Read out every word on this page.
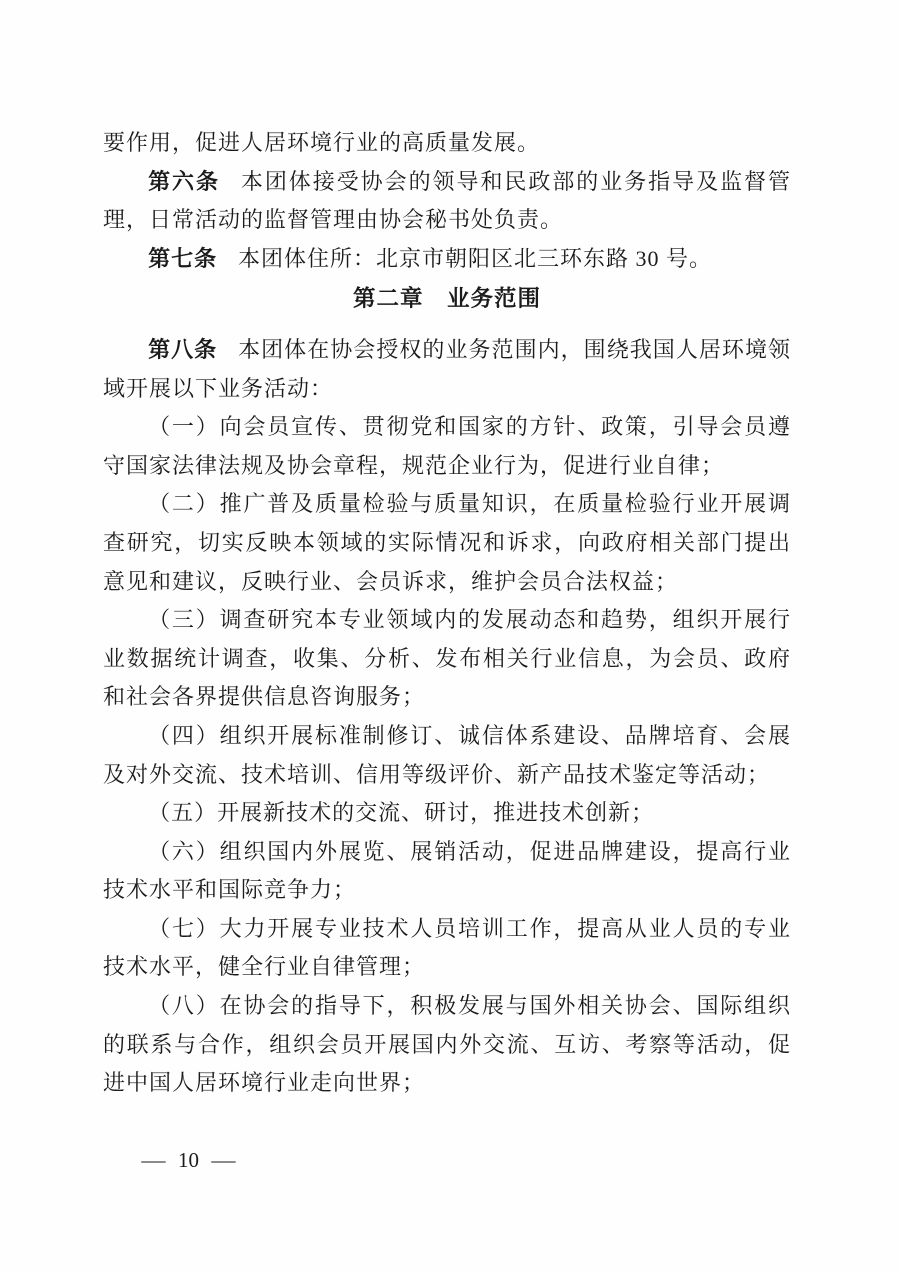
要作用，促进人居环境行业的高质量发展。

第六条 本团体接受协会的领导和民政部的业务指导及监督管理，日常活动的监督管理由协会秘书处负责。

第七条 本团体住所：北京市朝阳区北三环东路 30 号。

第二章　业务范围

第八条 本团体在协会授权的业务范围内，围绕我国人居环境领域开展以下业务活动：

（一）向会员宣传、贯彻党和国家的方针、政策，引导会员遵守国家法律法规及协会章程，规范企业行为，促进行业自律；

（二）推广普及质量检验与质量知识，在质量检验行业开展调查研究，切实反映本领域的实际情况和诉求，向政府相关部门提出意见和建议，反映行业、会员诉求，维护会员合法权益；

（三）调查研究本专业领域内的发展动态和趋势，组织开展行业数据统计调查，收集、分析、发布相关行业信息，为会员、政府和社会各界提供信息咨询服务；

（四）组织开展标准制修订、诚信体系建设、品牌培育、会展及对外交流、技术培训、信用等级评价、新产品技术鉴定等活动；

（五）开展新技术的交流、研讨，推进技术创新；

（六）组织国内外展览、展销活动，促进品牌建设，提高行业技术水平和国际竞争力；

（七）大力开展专业技术人员培训工作，提高从业人员的专业技术水平，健全行业自律管理；

（八）在协会的指导下，积极发展与国外相关协会、国际组织的联系与合作，组织会员开展国内外交流、互访、考察等活动，促进中国人居环境行业走向世界；

— 10 —
